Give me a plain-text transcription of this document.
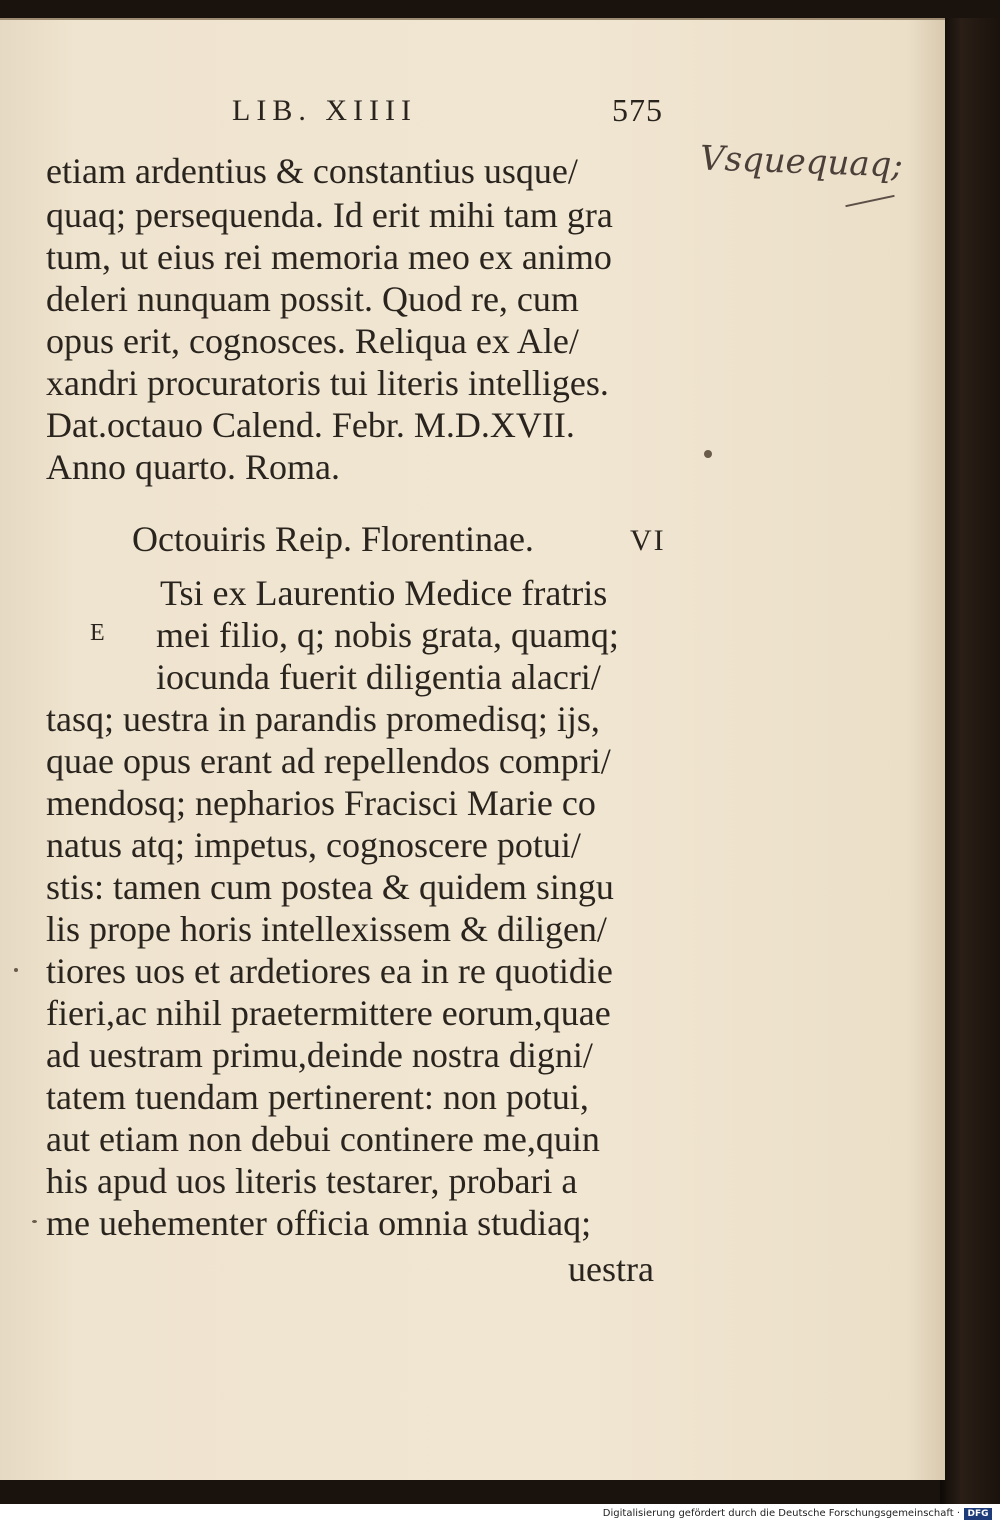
LIB. XIIII	575
Vsquequaq;
etiam ardentius & constantius usque/
quaq; persequenda. Id erit mihi tam gra
tum, ut eius rei memoria meo ex animo
deleri nunquam possit. Quod re, cum
opus erit, cognosces. Reliqua ex Ale/
xandri procuratoris tui literis intelliges.
Dat.octauo Calend. Febr. M.D.XVII.
Anno quarto. Roma.
Octouiris Reip. Florentinae.	VI
E
Tsi ex Laurentio Medice fratris
mei filio, q; nobis grata, quamq;
iocunda fuerit diligentia alacri/
tasq; uestra in parandis promedisq; ijs,
quae opus erant ad repellendos compri/
mendosq; nepharios Fracisci Marie co
natus atq; impetus, cognoscere potui/
stis: tamen cum postea & quidem singu
lis prope horis intellexissem & diligen/
tiores uos et ardetiores ea in re quotidie
fieri,ac nihil praetermittere eorum,quae
ad uestram primu,deinde nostra digni/
tatem tuendam pertinerent: non potui,
aut etiam non debui continere me,quin
his apud uos literis testarer, probari a
me uehementer officia omnia studiaq;
uestra
Digitalisierung gefördert durch die Deutsche Forschungsgemeinschaft · DFG
